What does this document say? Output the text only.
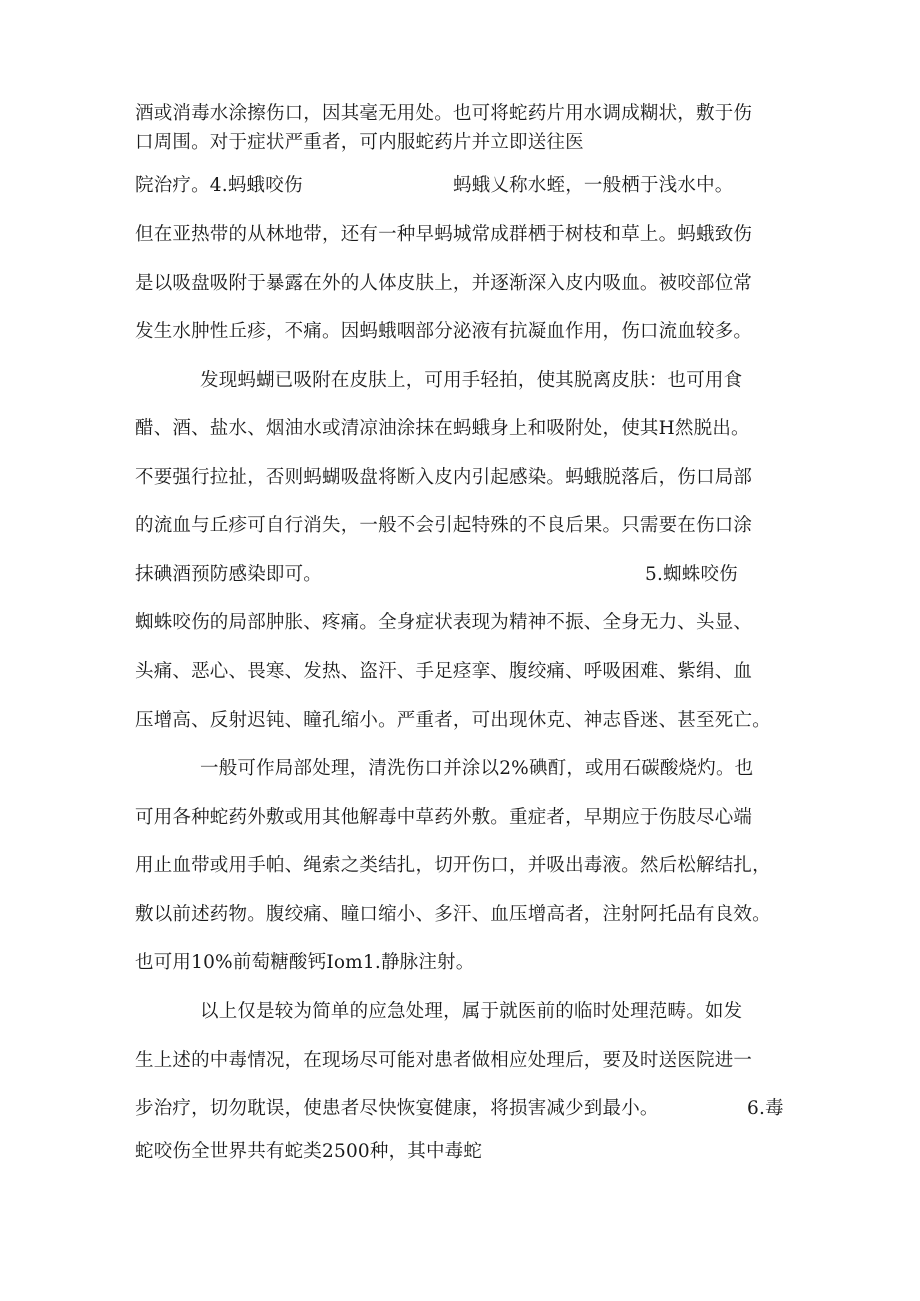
酒或消毒水涂擦伤口，因其毫无用处。也可将蛇药片用水调成糊状，敷于伤
口周围。对于症状严重者，可内服蛇药片并立即送往医
院治疗。4.蚂蛾咬伤	蚂蛾乂称水蛭，一般栖于浅水中。
但在亚热带的从林地带，还有一种早蚂城常成群栖于树枝和草上。蚂蛾致伤
是以吸盘吸附于暴露在外的人体皮肤上，并逐渐深入皮内吸血。被咬部位常
发生水肿性丘疹，不痛。因蚂蛾咽部分泌液有抗凝血作用，伤口流血较多。
发现蚂蝴已吸附在皮肤上，可用手轻拍，使其脱离皮肤：也可用食
醋、酒、盐水、烟油水或清凉油涂抹在蚂蛾身上和吸附处，使其H然脱出。
不要强行拉扯，否则蚂蝴吸盘将断入皮内引起感染。蚂蛾脱落后，伤口局部
的流血与丘疹可自行消失，一般不会引起特殊的不良后果。只需要在伤口涂
抹碘酒预防感染即可。	5.蜘蛛咬伤
蜘蛛咬伤的局部肿胀、疼痛。全身症状表现为精神不振、全身无力、头显、
头痛、恶心、畏寒、发热、盗汗、手足痉挛、腹绞痛、呼吸困难、紫绢、血
压增高、反射迟钝、瞳孔缩小。严重者，可出现休克、神志昏迷、甚至死亡。
一般可作局部处理，清洗伤口并涂以2%碘酊，或用石碳酸烧灼。也
可用各种蛇药外敷或用其他解毒中草药外敷。重症者，早期应于伤肢尽心端
用止血带或用手帕、绳索之类结扎，切开伤口，并吸出毒液。然后松解结扎，
敷以前述药物。腹绞痛、瞳口缩小、多汗、血压增高者，注射阿托品有良效。
也可用10%前萄糖酸钙Iom1.静脉注射。
以上仅是较为简单的应急处理，属于就医前的临时处理范畴。如发
生上述的中毒情况，在现场尽可能对患者做相应处理后，要及时送医院进一
步治疗，切勿耽误，使患者尽快恢宴健康，将损害减少到最小。	6.毒
蛇咬伤全世界共有蛇类2500种，其中毒蛇
